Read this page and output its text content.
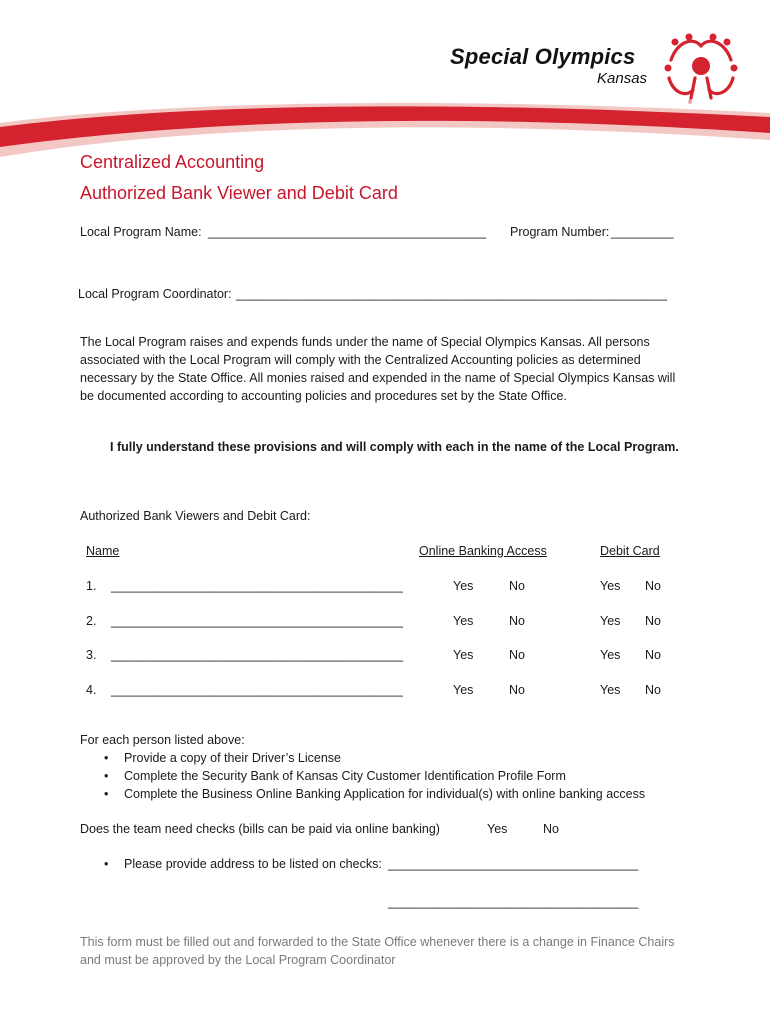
Special Olympics
Kansas
®
Centralized Accounting
Authorized Bank Viewer and Debit Card
Local Program Name: ________________________________________ Program Number: _________
Local Program Coordinator: ______________________________________________________________
The Local Program raises and expends funds under the name of Special Olympics Kansas. All persons
associated with the Local Program will comply with the Centralized Accounting policies as determined
necessary by the State Office. All monies raised and expended in the name of Special Olympics Kansas will
be documented according to accounting policies and procedures set by the State Office.
I fully understand these provisions and will comply with each in the name of the Local Program.
Authorized Bank Viewers and Debit Card:
Name	Online Banking Access	Debit Card
1. __________________________________________	Yes	No	Yes No
2. __________________________________________	Yes	No	Yes No
3. __________________________________________	Yes	No	Yes No
4. __________________________________________	Yes	No	Yes No
For each person listed above:
• Provide a copy of their Driver’s License
• Complete the Security Bank of Kansas City Customer Identification Profile Form
• Complete the Business Online Banking Application for individual(s) with online banking access
Does the team need checks (bills can be paid via online banking)	Yes	No
• Please provide address to be listed on checks: ____________________________________
____________________________________
This form must be filled out and forwarded to the State Office whenever there is a change in Finance Chairs
and must be approved by the Local Program Coordinator
